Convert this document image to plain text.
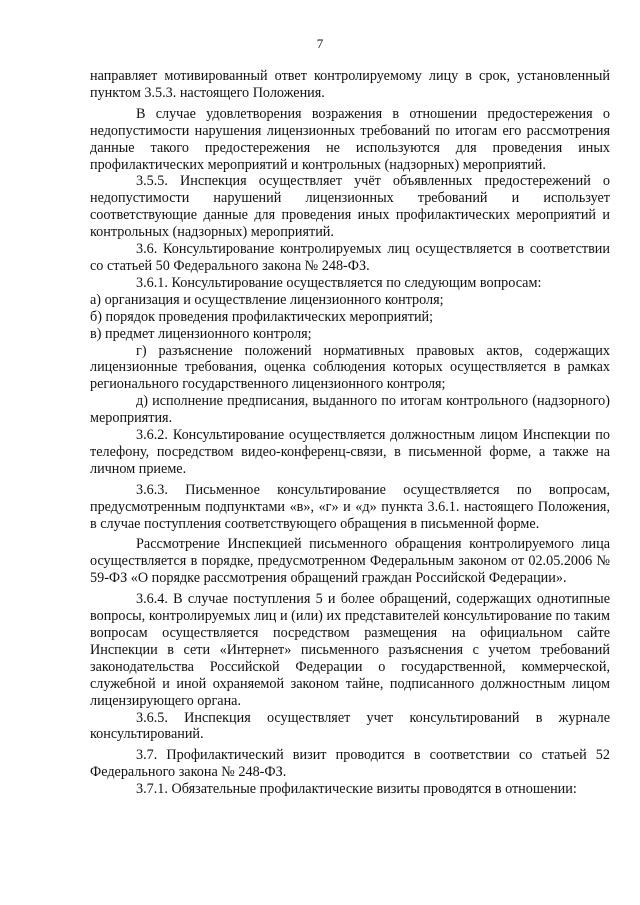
7

направляет мотивированный ответ контролируемому лицу в срок, установленный пунктом 3.5.3. настоящего Положения.

В случае удовлетворения возражения в отношении предостережения о недопустимости нарушения лицензионных требований по итогам его рассмотрения данные такого предостережения не используются для проведения иных профилактических мероприятий и контрольных (надзорных) мероприятий.

3.5.5. Инспекция осуществляет учёт объявленных предостережений о недопустимости нарушений лицензионных требований и использует соответствующие данные для проведения иных профилактических мероприятий и контрольных (надзорных) мероприятий.

3.6. Консультирование контролируемых лиц осуществляется в соответствии со статьей 50 Федерального закона № 248-ФЗ.

3.6.1. Консультирование осуществляется по следующим вопросам:

а) организация и осуществление лицензионного контроля;

б) порядок проведения профилактических мероприятий;

в) предмет лицензионного контроля;

г) разъяснение положений нормативных правовых актов, содержащих лицензионные требования, оценка соблюдения которых осуществляется в рамках регионального государственного лицензионного контроля;

д) исполнение предписания, выданного по итогам контрольного (надзорного) мероприятия.

3.6.2. Консультирование осуществляется должностным лицом Инспекции по телефону, посредством видео-конференц-связи, в письменной форме, а также на личном приеме.

3.6.3. Письменное консультирование осуществляется по вопросам, предусмотренным подпунктами «в», «г» и «д» пункта 3.6.1. настоящего Положения, в случае поступления соответствующего обращения в письменной форме.

Рассмотрение Инспекцией письменного обращения контролируемого лица осуществляется в порядке, предусмотренном Федеральным законом от 02.05.2006 № 59-ФЗ «О порядке рассмотрения обращений граждан Российской Федерации».

3.6.4. В случае поступления 5 и более обращений, содержащих однотипные вопросы, контролируемых лиц и (или) их представителей консультирование по таким вопросам осуществляется посредством размещения на официальном сайте Инспекции в сети «Интернет» письменного разъяснения с учетом требований законодательства Российской Федерации о государственной, коммерческой, служебной и иной охраняемой законом тайне, подписанного должностным лицом лицензирующего органа.

3.6.5. Инспекция осуществляет учет консультирований в журнале консультирований.

3.7. Профилактический визит проводится в соответствии со статьей 52 Федерального закона № 248-ФЗ.

3.7.1. Обязательные профилактические визиты проводятся в отношении:
